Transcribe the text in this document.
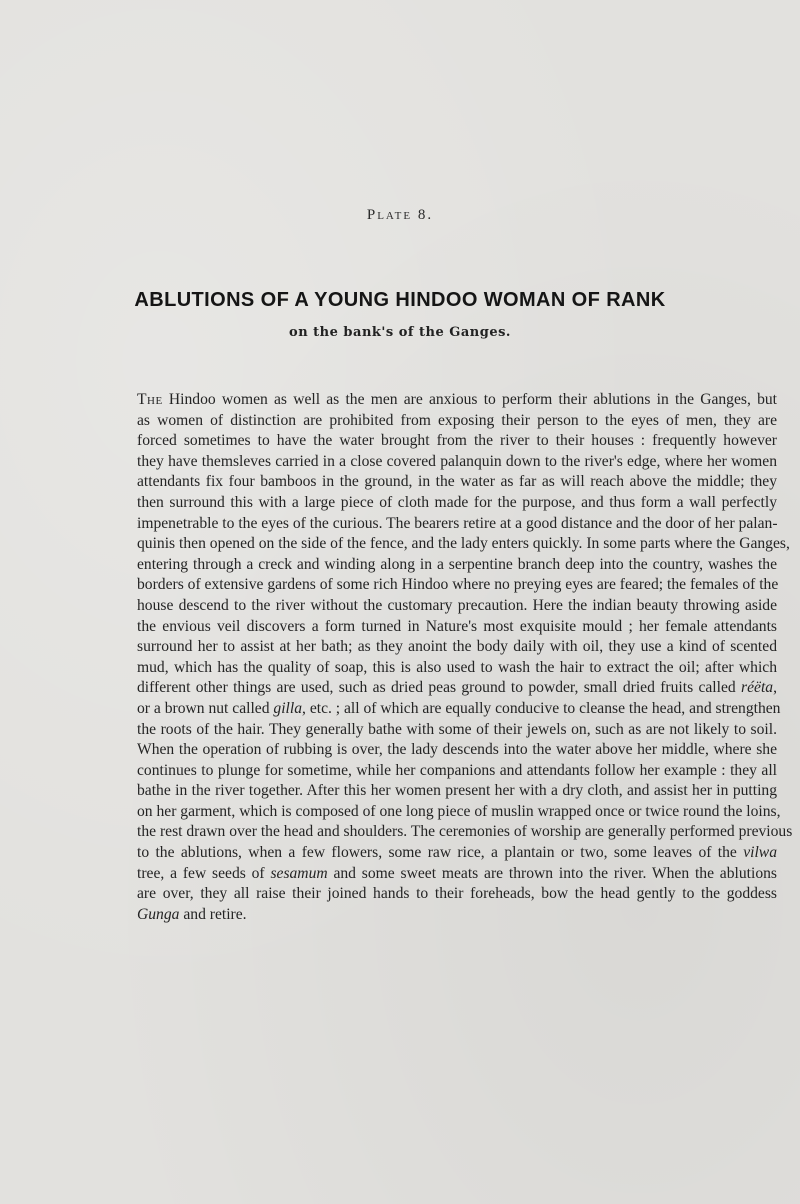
Plate 8.
ABLUTIONS OF A YOUNG HINDOO WOMAN OF RANK
on the bank's of the Ganges.
The Hindoo women as well as the men are anxious to perform their ablutions in the Ganges, but
as women of distinction are prohibited from exposing their person to the eyes of men, they are
forced sometimes to have the water brought from the river to their houses : frequently however
they have themsleves carried in a close covered palanquin down to the river's edge, where her women
attendants fix four bamboos in the ground, in the water as far as will reach above the middle; they
then surround this with a large piece of cloth made for the purpose, and thus form a wall perfectly
impenetrable to the eyes of the curious. The bearers retire at a good distance and the door of her palan-
quinis then opened on the side of the fence, and the lady enters quickly. In some parts where the Ganges,
entering through a creck and winding along in a serpentine branch deep into the country, washes the
borders of extensive gardens of some rich Hindoo where no preying eyes are feared; the females of the
house descend to the river without the customary precaution. Here the indian beauty throwing aside
the envious veil discovers a form turned in Nature's most exquisite mould ; her female attendants
surround her to assist at her bath; as they anoint the body daily with oil, they use a kind of scented
mud, which has the quality of soap, this is also used to wash the hair to extract the oil; after which
different other things are used, such as dried peas ground to powder, small dried fruits called réëta,
or a brown nut called gilla, etc. ; all of which are equally conducive to cleanse the head, and strengthen
the roots of the hair. They generally bathe with some of their jewels on, such as are not likely to soil.
When the operation of rubbing is over, the lady descends into the water above her middle, where she
continues to plunge for sometime, while her companions and attendants follow her example : they all
bathe in the river together. After this her women present her with a dry cloth, and assist her in putting
on her garment, which is composed of one long piece of muslin wrapped once or twice round the loins,
the rest drawn over the head and shoulders. The ceremonies of worship are generally performed previous
to the ablutions, when a few flowers, some raw rice, a plantain or two, some leaves of the vilwa
tree, a few seeds of sesamum and some sweet meats are thrown into the river. When the ablutions
are over, they all raise their joined hands to their foreheads, bow the head gently to the goddess
Gunga and retire.
